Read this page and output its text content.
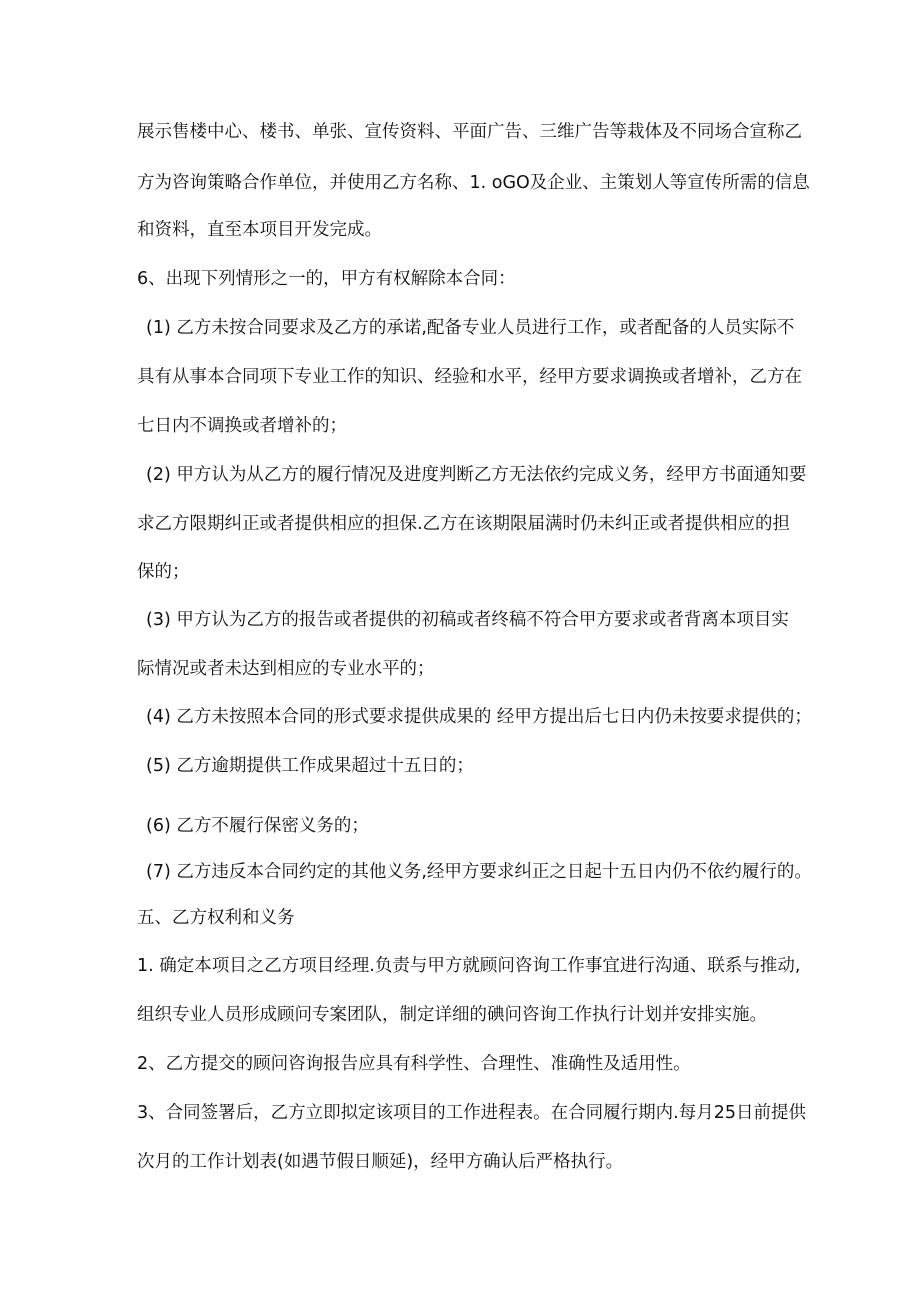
展示售楼中心、楼书、单张、宣传资料、平面广告、三维广告等栽体及不同场合宣称乙
方为咨询策略合作单位，并使用乙方名称、1. oGO及企业、主策划人等宣传所需的信息
和资料，直至本项目开发完成。
6、出现下列情形之一的，甲方有权解除本合同：
(1) 乙方未按合同要求及乙方的承诺,配备专业人员进行工作，或者配备的人员实际不
具有从事本合同项下专业工作的知识、经验和水平，经甲方要求调换或者增补，乙方在
七日内不调换或者增补的；
(2) 甲方认为从乙方的履行情况及进度判断乙方无法依约完成义务，经甲方书面通知要
求乙方限期纠正或者提供相应的担保.乙方在该期限届满时仍未纠正或者提供相应的担
保的；
(3) 甲方认为乙方的报告或者提供的初稿或者终稿不符合甲方要求或者背离本项目实
际情况或者未达到相应的专业水平的；
(4) 乙方未按照本合同的形式要求提供成果的 经甲方提出后七日内仍未按要求提供的；
(5) 乙方逾期提供工作成果超过十五日的；
(6) 乙方不履行保密义务的；
(7) 乙方违反本合同约定的其他义务,经甲方要求纠正之日起十五日内仍不依约履行的。
五、乙方权利和义务
1. 确定本项目之乙方项目经理.负责与甲方就顾问咨询工作事宜进行沟通、联系与推动,
组织专业人员形成顾问专案团队，制定详细的碘问咨询工作执行计划并安排实施。
2、乙方提交的顾问咨询报告应具有科学性、合理性、准确性及适用性。
3、合同签署后，乙方立即拟定该项目的工作进程表。在合同履行期内.每月25日前提供
次月的工作计划表(如遇节假日顺延)，经甲方确认后严格执行。
